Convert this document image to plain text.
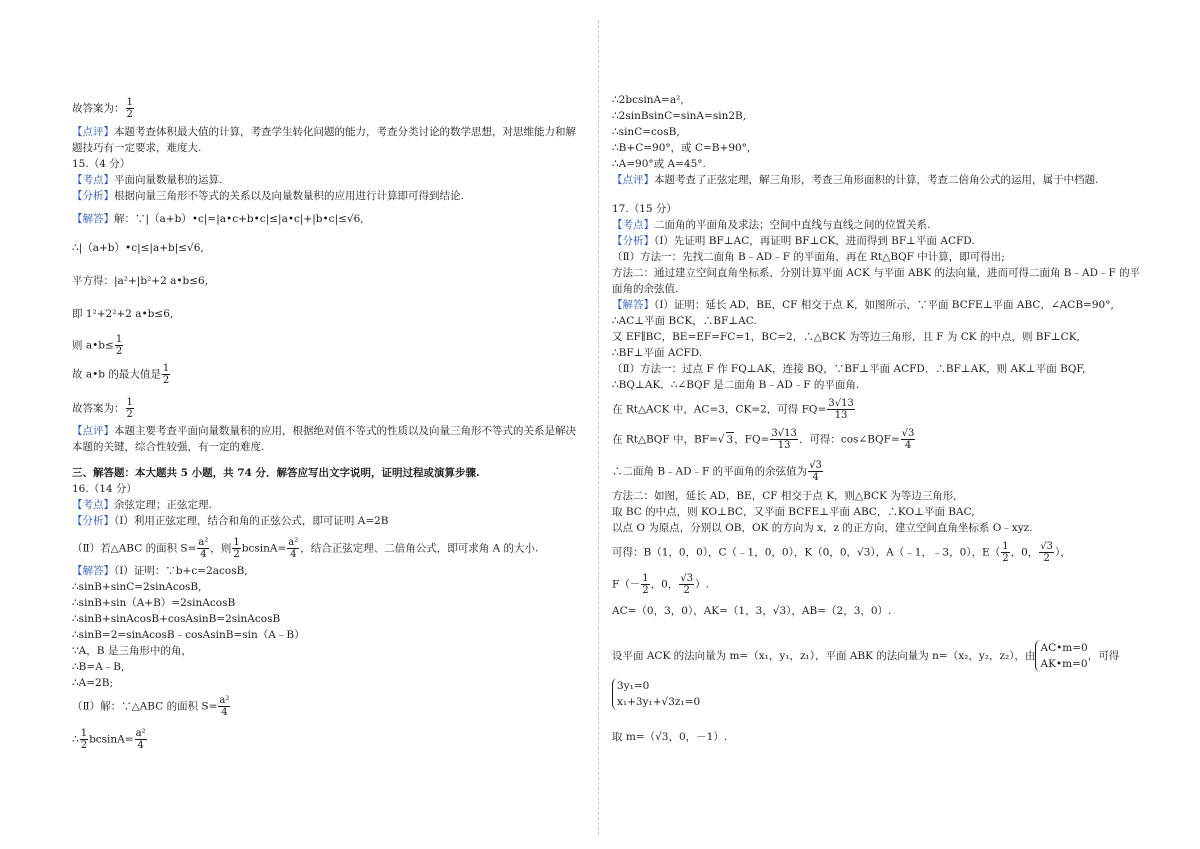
故答案为： $\frac{1}{2}$
【点评】本题考查体积最大值的计算，考查学生转化问题的能力，考查分类讨论的数学思想，对思维能力和解
题技巧有一定要求，难度大.
15.（4 分）
【考点】平面向量数量积的运算.
【分析】根据向量三角形不等式的关系以及向量数量积的应用进行计算即可得到结论.
【解答】解：∵|（a+b）•c|=|a•c+b•c|≤|a•c|+|b•c|≤√6,
∴|（a+b）•c|≤|a+b|≤√6,
平方得：|a²+|b²+2 a•b≤6,
即 1²+2²+2 a•b≤6,
则 a•b≤ $\frac{1}{2}$
故 a•b 的最大值是 $\frac{1}{2}$
故答案为： $\frac{1}{2}$
【点评】本题主要考查平面向量数量积的应用，根据绝对值不等式的性质以及向量三角形不等式的关系是解决
本题的关键，综合性较强，有一定的难度.
三、解答题：本大题共 5 小题，共 74 分．解答应写出文字说明，证明过程或演算步骤.
16.（14 分）
【考点】余弦定理；正弦定理.
【分析】（Ⅰ）利用正弦定理，结合和角的正弦公式，即可证明 A=2B
（Ⅱ）若△ABC 的面积 $S= \frac{\text{a²}}{4}$ ，则 $\frac{1}{2} bcsinA= \frac{\text{a²}}{4}$ ，结合正弦定理、二倍角公式，即可求角 A 的大小.
【解答】（Ⅰ）证明：∵b+c=2acosB,
∴sinB+sinC=2sinAcosB,
∴sinB+sin（A+B）=2sinAcosB
∴sinB+sinAcosB+cosAsinB=2sinAcosB
∴sinB=2=sinAcosB﹣cosAsinB=sin（A﹣B）
∵A，B 是三角形中的角，
∴B=A﹣B,
∴A=2B;
（Ⅱ）解：∵△ABC 的面积 $S= \frac{\text{a²}}{4}$
∴ $\frac{1}{2} bcsinA= \frac{\text{a²}}{4}$
∴2bcsinA=a²,
∴2sinBsinC=sinA=sin2B,
∴sinC=cosB,
∴B+C=90°，或 C=B+90°,
∴A=90°或 A=45°.
【点评】本题考查了正弦定理，解三角形，考查三角形面积的计算，考查二倍角公式的运用，属于中档题.
17.（15 分）
【考点】二面角的平面角及求法；空间中直线与直线之间的位置关系.
【分析】（Ⅰ）先证明 BF⊥AC，再证明 BF⊥CK，进而得到 BF⊥平面 ACFD.
（Ⅱ）方法一：先找二面角 B﹣AD﹣F 的平面角，再在 Rt△BQF 中计算，即可得出;
方法二：通过建立空间直角坐标系，分别计算平面 ACK 与平面 ABK 的法向量，进而可得二面角 B﹣AD﹣F 的平
面角的余弦值.
【解答】（Ⅰ）证明：延长 AD，BE，CF 相交于点 K，如图所示，∵平面 BCFE⊥平面 ABC，∠ACB=90°,
∴AC⊥平面 BCK，∴BF⊥AC.
又 EF∥BC，BE=EF=FC=1，BC=2，∴△BCK 为等边三角形，且 F 为 CK 的中点，则 BF⊥CK,
∴BF⊥平面 ACFD.
（Ⅱ）方法一：过点 F 作 FQ⊥AK，连接 BQ，∵BF⊥平面 ACFD．∴BF⊥AK，则 AK⊥平面 BQF,
∴BQ⊥AK．∴∠BQF 是二面角 B﹣AD﹣F 的平面角.
在 Rt△ACK 中，AC=3，CK=2，可得 $FQ= \frac{3√13}{13}$
在 Rt△BQF 中，BF=√ 3，$FQ= \frac{3√13}{13}$ ．可得：cos∠BQF= $\frac{√3}{4}$
∴二面角 B﹣AD﹣F 的平面角的余弦值为 $\frac{√3}{4}$
方法二：如图，延长 AD，BE，CF 相交于点 K，则△BCK 为等边三角形,
取 BC 的中点，则 KO⊥BC，又平面 BCFE⊥平面 ABC，∴KO⊥平面 BAC,
以点 O 为原点，分别以 OB，OK 的方向为 x，z 的正方向，建立空间直角坐标系 O﹣xyz.
可得：B（1，0，0），C（﹣1，0，0），K（0，0，√3），A（﹣1，﹣3，0），$E( \frac{1}{2}$ ，0， $\frac{√3}{2}$ ），
$F(- \frac{1}{2}$ ，0， $\frac{√3}{2}$ ）.
AC=（0，3，0），AK=（1，3，√3），AB=（2，3，0）.
设平面 ACK 的法向量为 m=（x₁，y₁，z₁），平面 ABK 的法向量为 n=（x₂，y₂，z₂），由
AC•m=0
AK•m=0
，可得
3y₁=0
x₁+3y₁+√3z₁=0
取 m=（√3，0，－1）.
